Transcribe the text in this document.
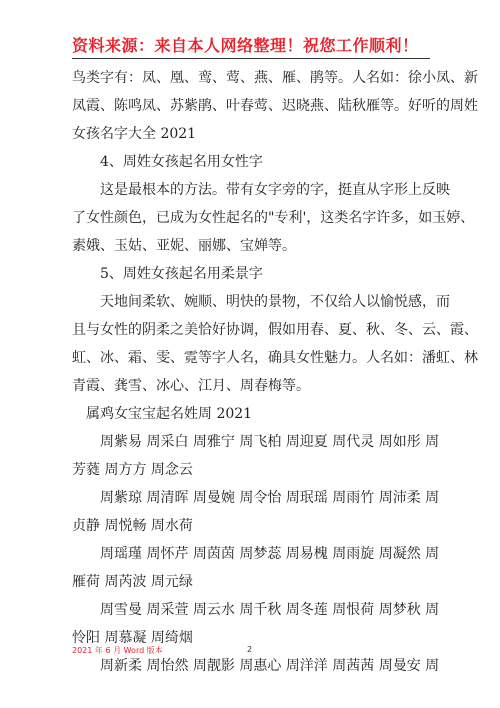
资料来源：来自本人网络整理！祝您工作顺利！
鸟类字有：凤、凰、鸾、莺、燕、雁、鹃等。人名如：徐小凤、新
凤霞、陈鸣凤、苏紫鹃、叶春莺、迟晓燕、陆秋雁等。好听的周姓
女孩名字大全 2021
4、周姓女孩起名用女性字
这是最根本的方法。带有女字旁的字，挺直从字形上反映
了女性颜色，已成为女性起名的"专利'，这类名字许多，如玉婷、
素娥、玉姑、亚妮、丽娜、宝婵等。
5、周姓女孩起名用柔景字
天地间柔软、婉顺、明快的景物，不仅给人以愉悦感，而
且与女性的阴柔之美恰好协调，假如用春、夏、秋、冬、云、霞、
虹、冰、霜、雯、霓等字人名，确具女性魅力。人名如：潘虹、林
青霞、龚雪、冰心、江月、周春梅等。
属鸡女宝宝起名姓周 2021
周紫易 周采白 周雅宁 周飞柏 周迎夏 周代灵 周如彤 周
芳蕤 周方方 周念云
周紫琼 周清晖 周曼婉 周令怡 周珉瑶 周雨竹 周沛柔 周
贞静 周悦畅 周水荷
周瑶瑾 周怀芹 周茵茵 周梦蕊 周易槐 周雨旋 周凝然 周
雁荷 周芮波 周元绿
周雪曼 周采萱 周云水 周千秋 周冬莲 周恨荷 周梦秋 周
怜阳 周慕凝 周绮烟
周新柔 周怡然 周靓影 周惠心 周洋洋 周茜茜 周曼安 周
2021 年 6 月 Word 版本	2
